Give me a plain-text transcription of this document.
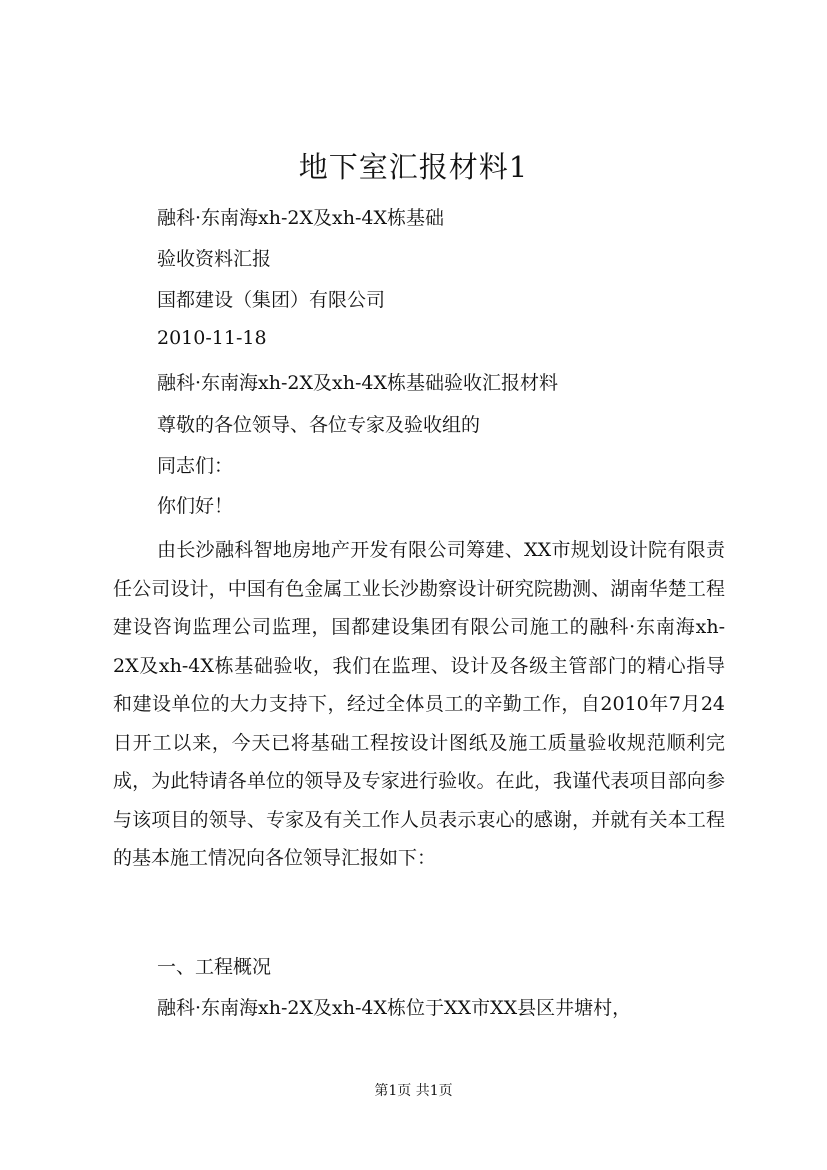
地下室汇报材料1

融科·东南海xh-2X及xh-4X栋基础

验收资料汇报

国都建设（集团）有限公司

2010-11-18

融科·东南海xh-2X及xh-4X栋基础验收汇报材料

尊敬的各位领导、各位专家及验收组的

同志们：

你们好！

由长沙融科智地房地产开发有限公司筹建、XX市规划设计院有限责任公司设计，中国有色金属工业长沙勘察设计研究院勘测、湖南华楚工程建设咨询监理公司监理，国都建设集团有限公司施工的融科·东南海xh-2X及xh-4X栋基础验收，我们在监理、设计及各级主管部门的精心指导和建设单位的大力支持下，经过全体员工的辛勤工作，自2010年7月24日开工以来，今天已将基础工程按设计图纸及施工质量验收规范顺利完成，为此特请各单位的领导及专家进行验收。在此，我谨代表项目部向参与该项目的领导、专家及有关工作人员表示衷心的感谢，并就有关本工程的基本施工情况向各位领导汇报如下：

一、工程概况

融科·东南海xh-2X及xh-4X栋位于XX市XX县区井塘村，

第1页 共1页
